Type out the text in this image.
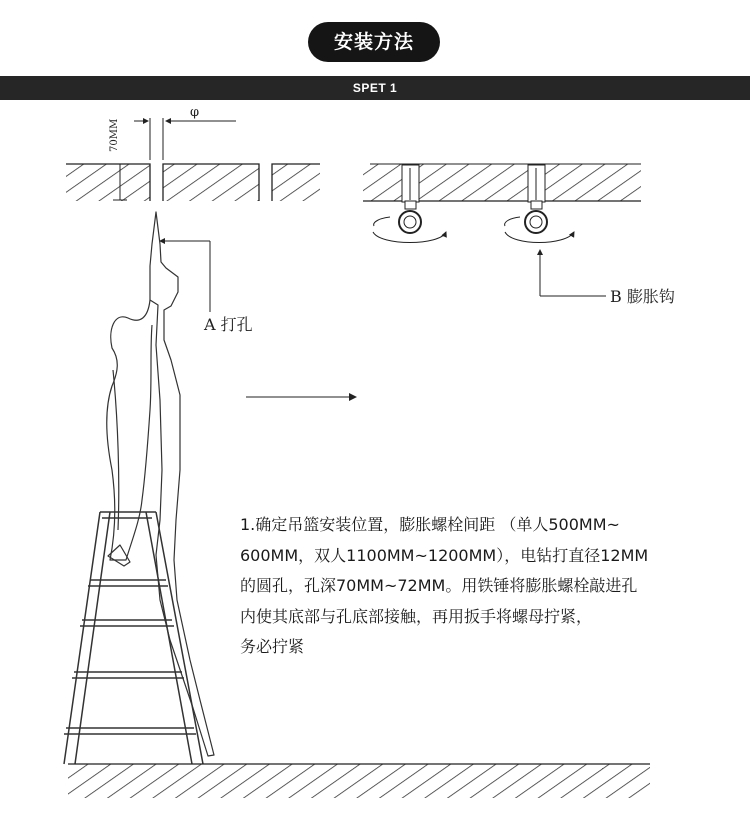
安装方法
SPET 1
70MM
φ
B 膨胀钩
A 打孔
1.确定吊篮安装位置，膨胀螺栓间距 （单人500MM~
600MM，双人1100MM~1200MM），电钻打直径12MM
的圆孔，孔深70MM~72MM。用铁锤将膨胀螺栓敲进孔
内使其底部与孔底部接触，再用扳手将螺母拧紧，
务必拧紧
